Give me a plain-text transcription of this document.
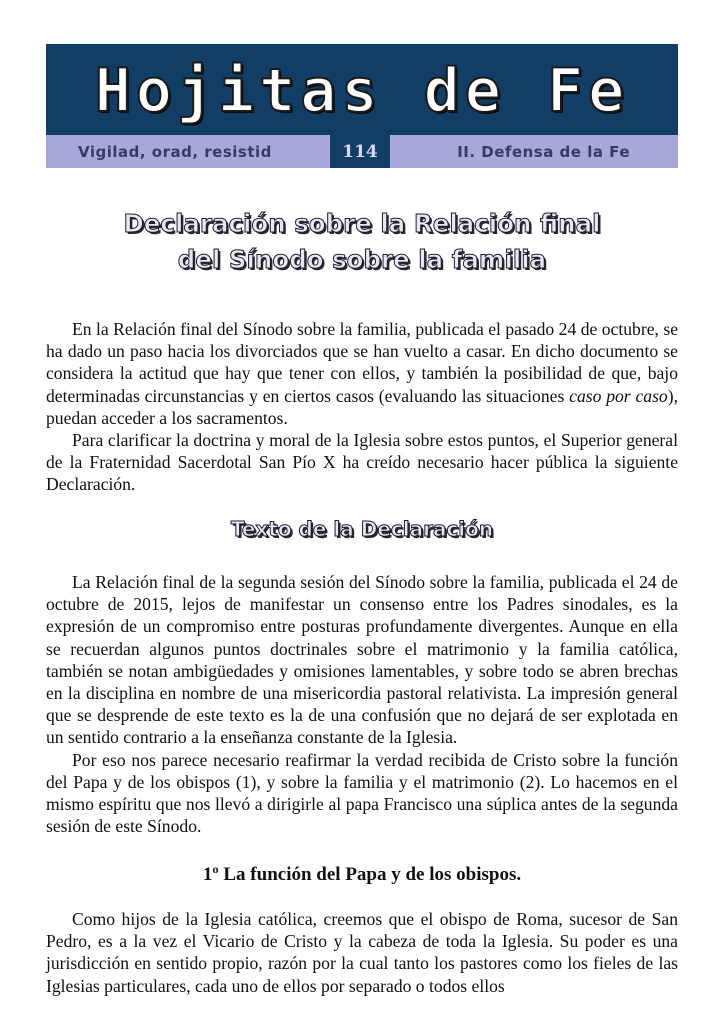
Hojitas de Fe
Vigilad, orad, resistid	114	II. Defensa de la Fe
Declaración sobre la Relación final
del Sínodo sobre la familia

En la Relación final del Sínodo sobre la familia, publicada el pasado 24 de octubre, se ha dado un paso hacia los divorciados que se han vuelto a casar. En dicho documento se considera la actitud que hay que tener con ellos, y también la posibilidad de que, bajo determinadas circunstancias y en ciertos casos (evaluando las situaciones caso por caso), puedan acceder a los sacramentos.

Para clarificar la doctrina y moral de la Iglesia sobre estos puntos, el Superior general de la Fraternidad Sacerdotal San Pío X ha creído necesario hacer pública la siguiente Declaración.

Texto de la Declaración

La Relación final de la segunda sesión del Sínodo sobre la familia, publicada el 24 de octubre de 2015, lejos de manifestar un consenso entre los Padres sinodales, es la expresión de un compromiso entre posturas profundamente divergentes. Aunque en ella se recuerdan algunos puntos doctrinales sobre el matrimonio y la familia católica, también se notan ambigüedades y omisiones lamentables, y sobre todo se abren brechas en la disciplina en nombre de una misericordia pastoral relativista. La impresión general que se desprende de este texto es la de una confusión que no dejará de ser explotada en un sentido contrario a la enseñanza constante de la Iglesia.

Por eso nos parece necesario reafirmar la verdad recibida de Cristo sobre la función del Papa y de los obispos (1), y sobre la familia y el matrimonio (2). Lo hacemos en el mismo espíritu que nos llevó a dirigirle al papa Francisco una súplica antes de la segunda sesión de este Sínodo.

1º La función del Papa y de los obispos.

Como hijos de la Iglesia católica, creemos que el obispo de Roma, sucesor de San Pedro, es a la vez el Vicario de Cristo y la cabeza de toda la Iglesia. Su poder es una jurisdicción en sentido propio, razón por la cual tanto los pastores como los fieles de las Iglesias particulares, cada uno de ellos por separado o todos ellos
